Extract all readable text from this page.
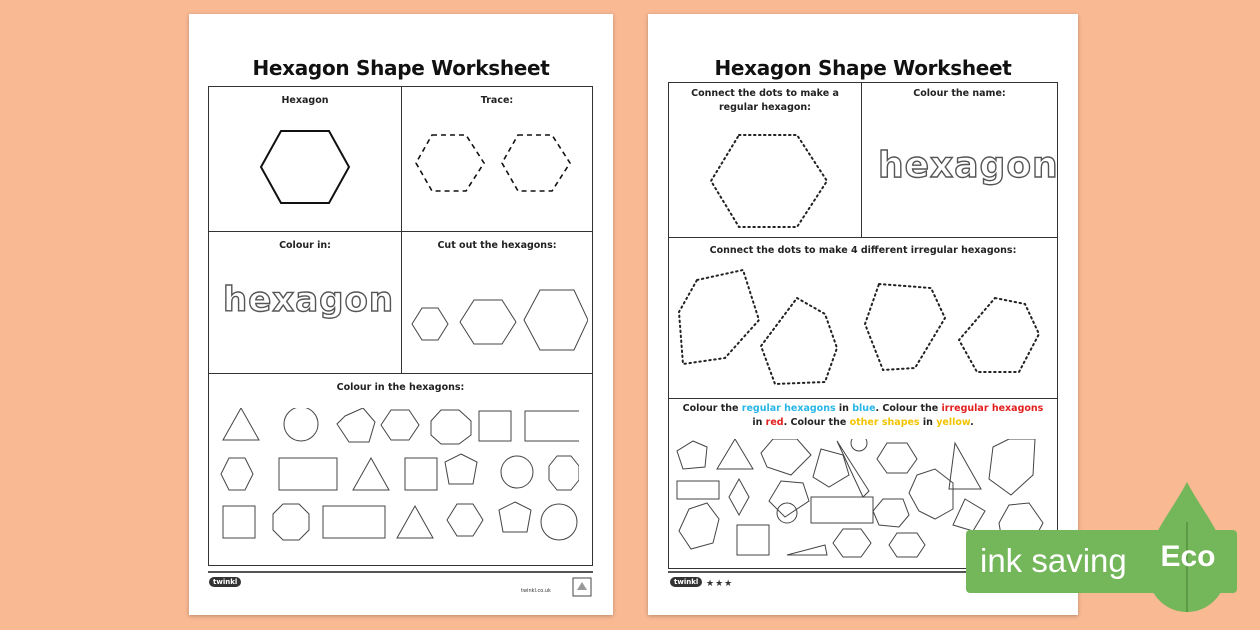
Hexagon Shape Worksheet
Hexagon	Trace:
Colour in:
hexagon
Cut out the hexagons:
Colour in the hexagons:
twinkl
twinkl.co.uk
Hexagon Shape Worksheet
Connect the dots to make a regular hexagon:
Colour the name:
hexagon
Connect the dots to make 4 different irregular hexagons:
Colour the regular hexagons in blue. Colour the irregular hexagons in red. Colour the other shapes in yellow.
twinkl ★★★
ink saving Eco
